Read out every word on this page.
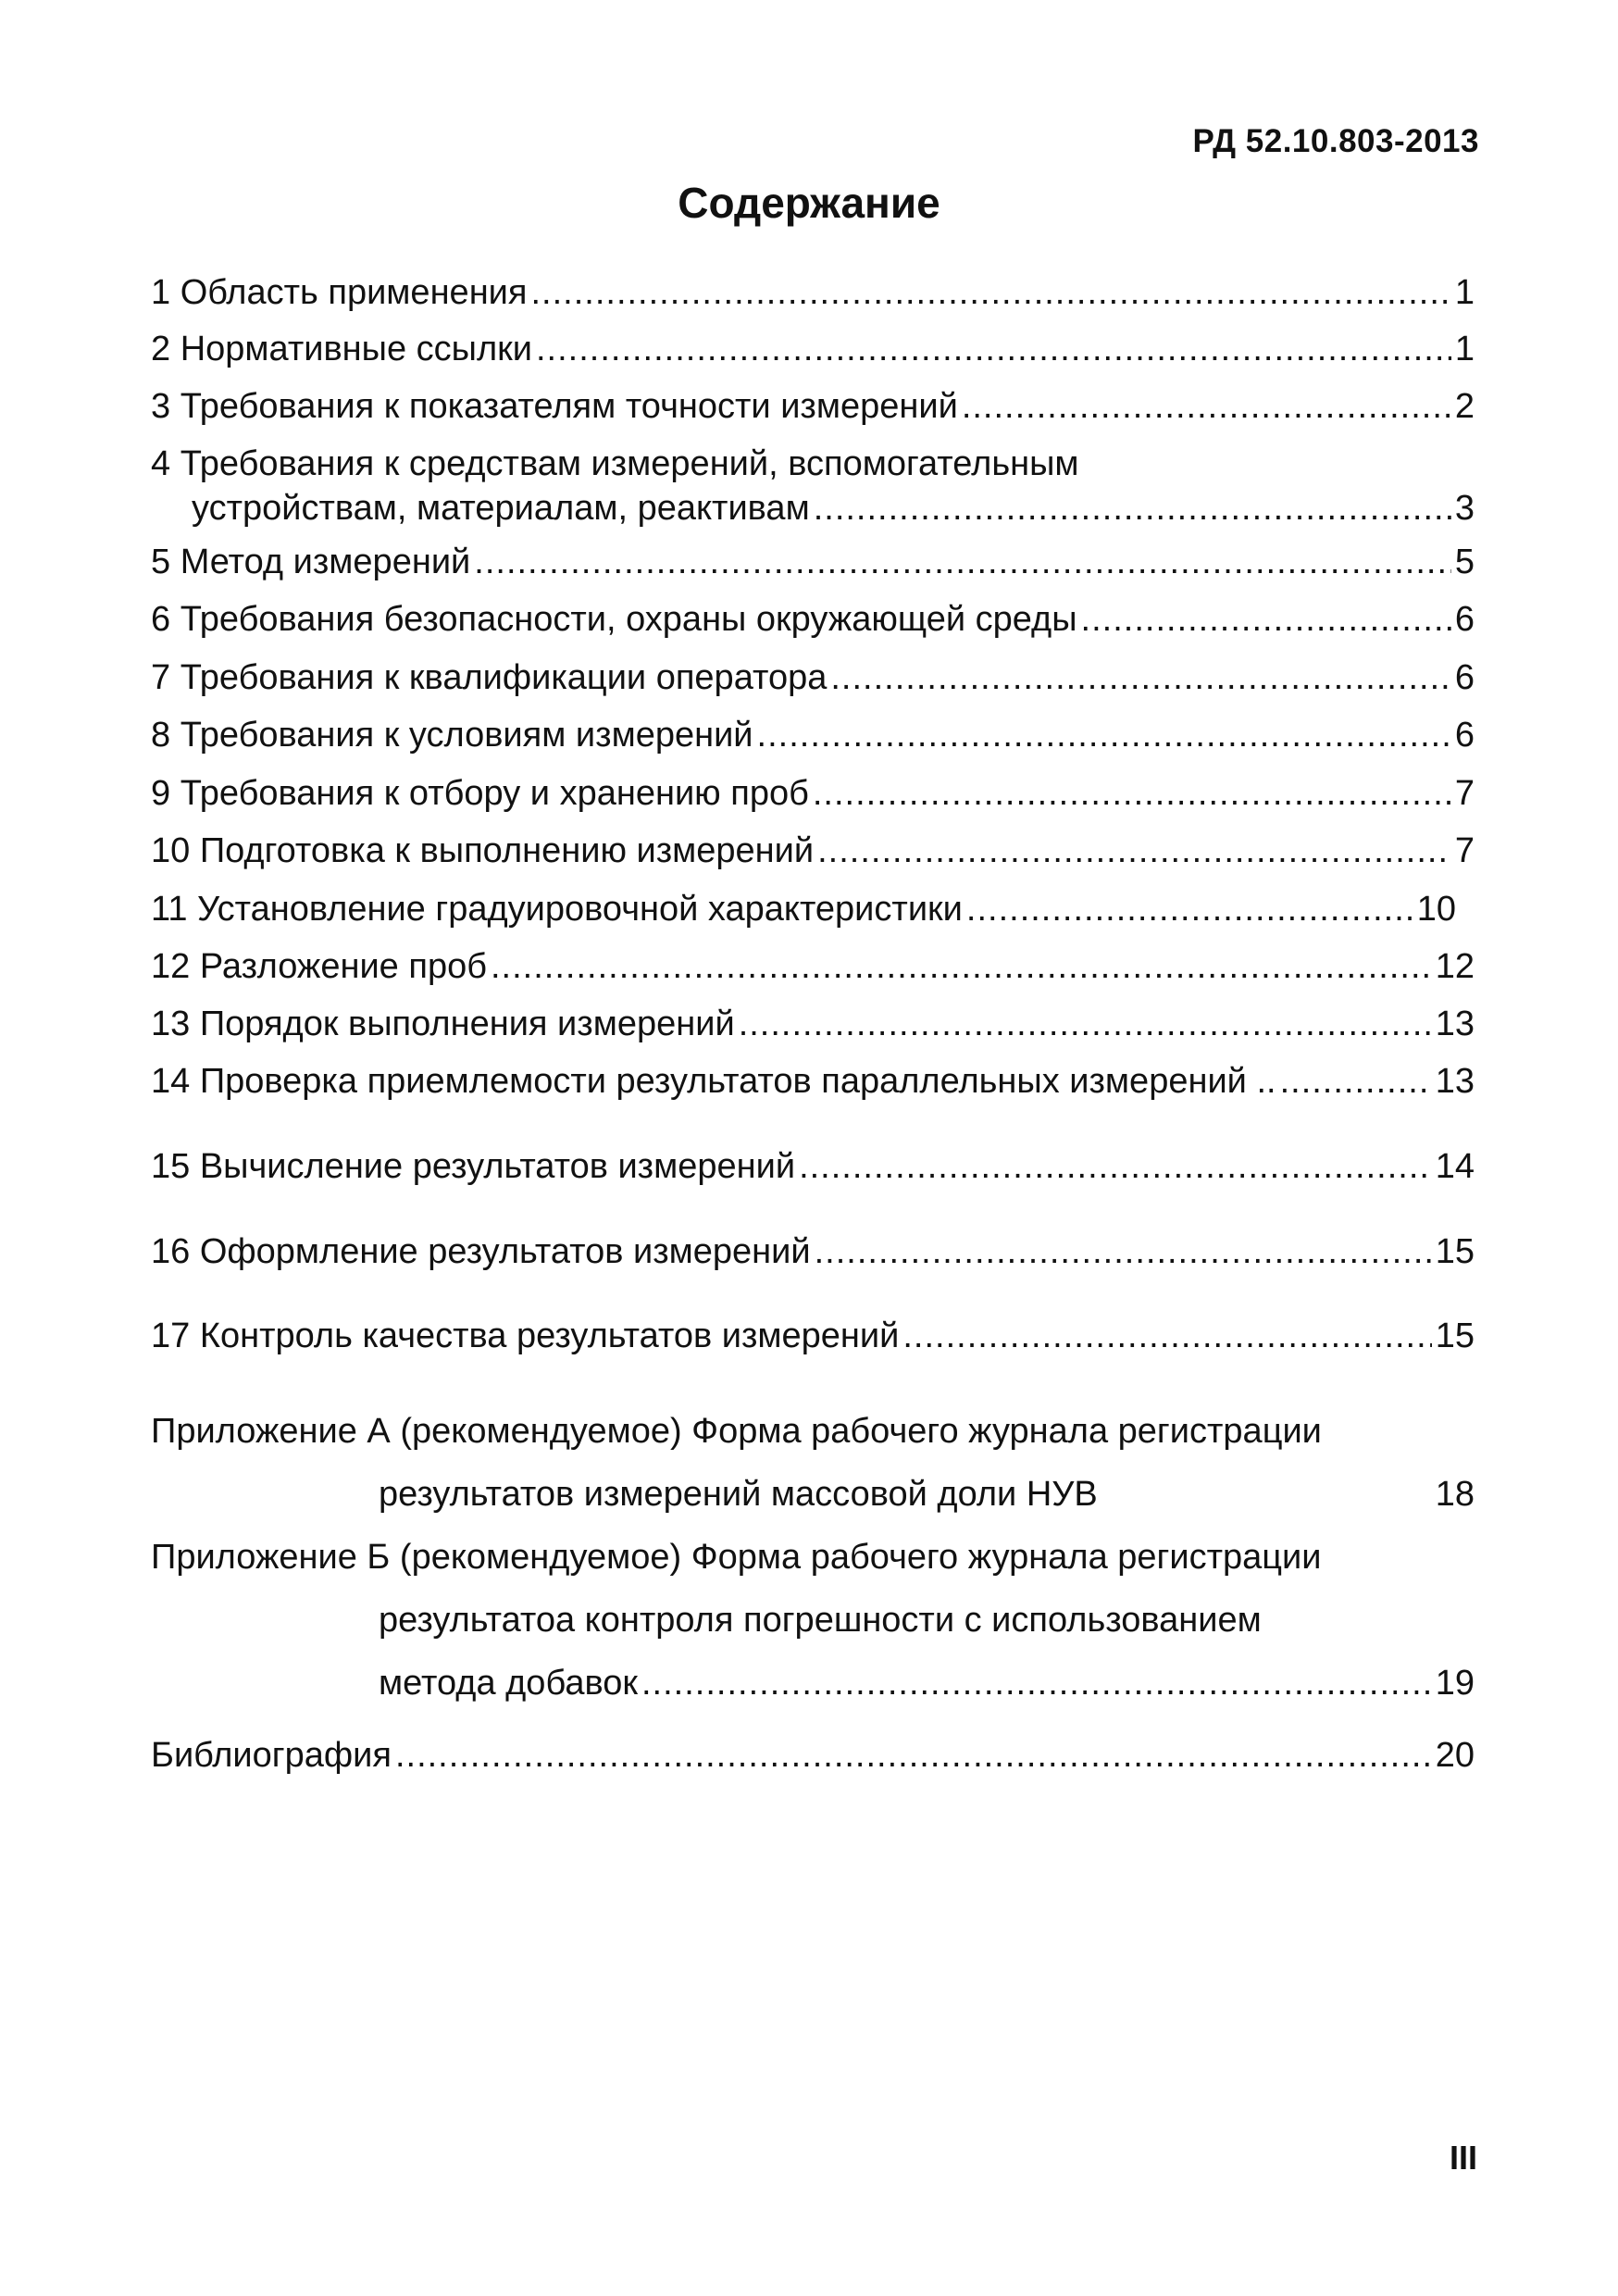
РД 52.10.803-2013
Содержание
1 Область применения .....	1
2 Нормативные ссылки .....	1
3 Требования к показателям точности измерений .....	2
4 Требования к средствам измерений, вспомогательным
устройствам, материалам, реактивам .....	3
5 Метод измерений .....	5
6 Требования безопасности, охраны окружающей среды .....	6
7 Требования к квалификации оператора .....	6
8 Требования к условиям измерений .....	6
9 Требования к отбору и хранению проб .....	7
10 Подготовка к выполнению измерений .....	7
11 Установление градуировочной характеристики .....	10
12 Разложение проб .....	12
13 Порядок выполнения измерений .....	13
14 Проверка приемлемости результатов параллельных измерений .. .....	13
15 Вычисление результатов измерений .....	14
16 Оформление результатов измерений .....	15
17 Контроль качества результатов измерений .....	15
Приложение А (рекомендуемое) Форма рабочего журнала регистрации
результатов измерений массовой доли НУВ	18
Приложение Б (рекомендуемое) Форма рабочего журнала регистрации
результатоа контроля погрешности с использованием
метода добавок .....	19
Библиография .....	20
III
